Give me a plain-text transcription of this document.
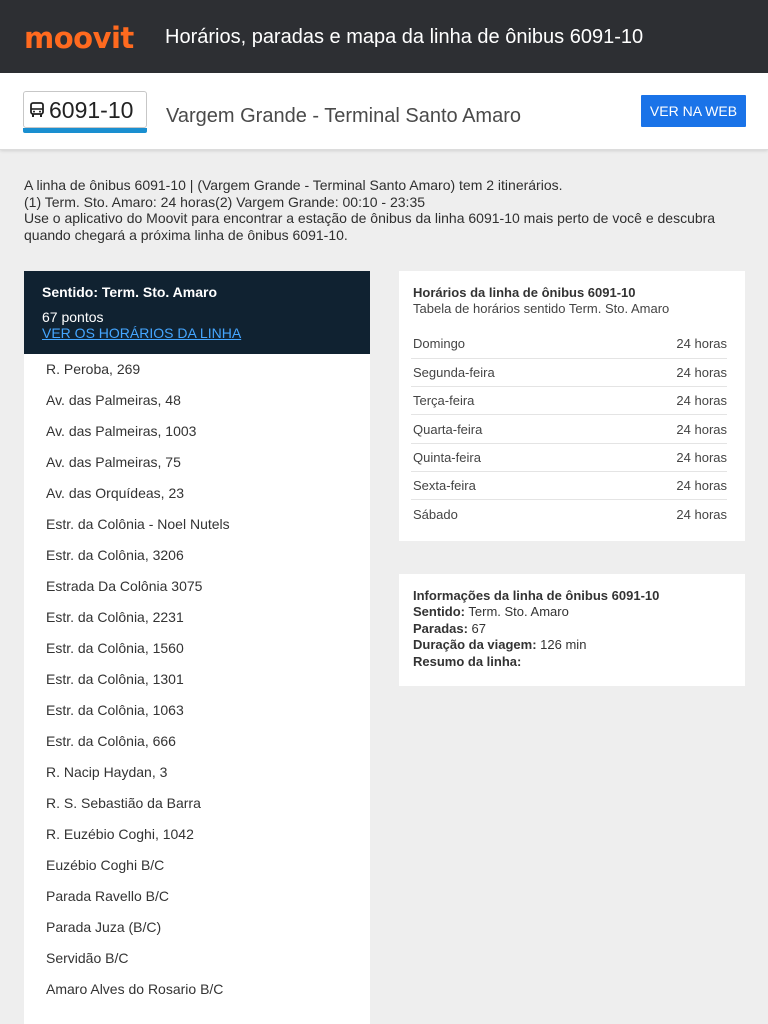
moovit Horários, paradas e mapa da linha de ônibus 6091-10
6091-10 Vargem Grande - Terminal Santo Amaro	VER NA WEB

A linha de ônibus 6091-10 | (Vargem Grande - Terminal Santo Amaro) tem 2 itinerários.

(1) Term. Sto. Amaro: 24 horas(2) Vargem Grande: 00:10 - 23:35

Use o aplicativo do Moovit para encontrar a estação de ônibus da linha 6091-10 mais perto de você e descubra quando chegará a próxima linha de ônibus 6091-10.

Sentido: Term. Sto. Amaro
67 pontos
VER OS HORÁRIOS DA LINHA
R. Peroba, 269
Av. das Palmeiras, 48
Av. das Palmeiras, 1003
Av. das Palmeiras, 75
Av. das Orquídeas, 23
Estr. da Colônia - Noel Nutels
Estr. da Colônia, 3206
Estrada Da Colônia 3075
Estr. da Colônia, 2231
Estr. da Colônia, 1560
Estr. da Colônia, 1301
Estr. da Colônia, 1063
Estr. da Colônia, 666
R. Nacip Haydan, 3
R. S. Sebastião da Barra
R. Euzébio Coghi, 1042
Euzébio Coghi B/C
Parada Ravello B/C
Parada Juza (B/C)
Servidão B/C
Amaro Alves do Rosario B/C
Horários da linha de ônibus 6091-10
Tabela de horários sentido Term. Sto. Amaro
Domingo	24 horas
Segunda-feira	24 horas
Terça-feira	24 horas
Quarta-feira	24 horas
Quinta-feira	24 horas
Sexta-feira	24 horas
Sábado	24 horas
Informações da linha de ônibus 6091-10
Sentido: Term. Sto. Amaro
Paradas: 67
Duração da viagem: 126 min
Resumo da linha:
